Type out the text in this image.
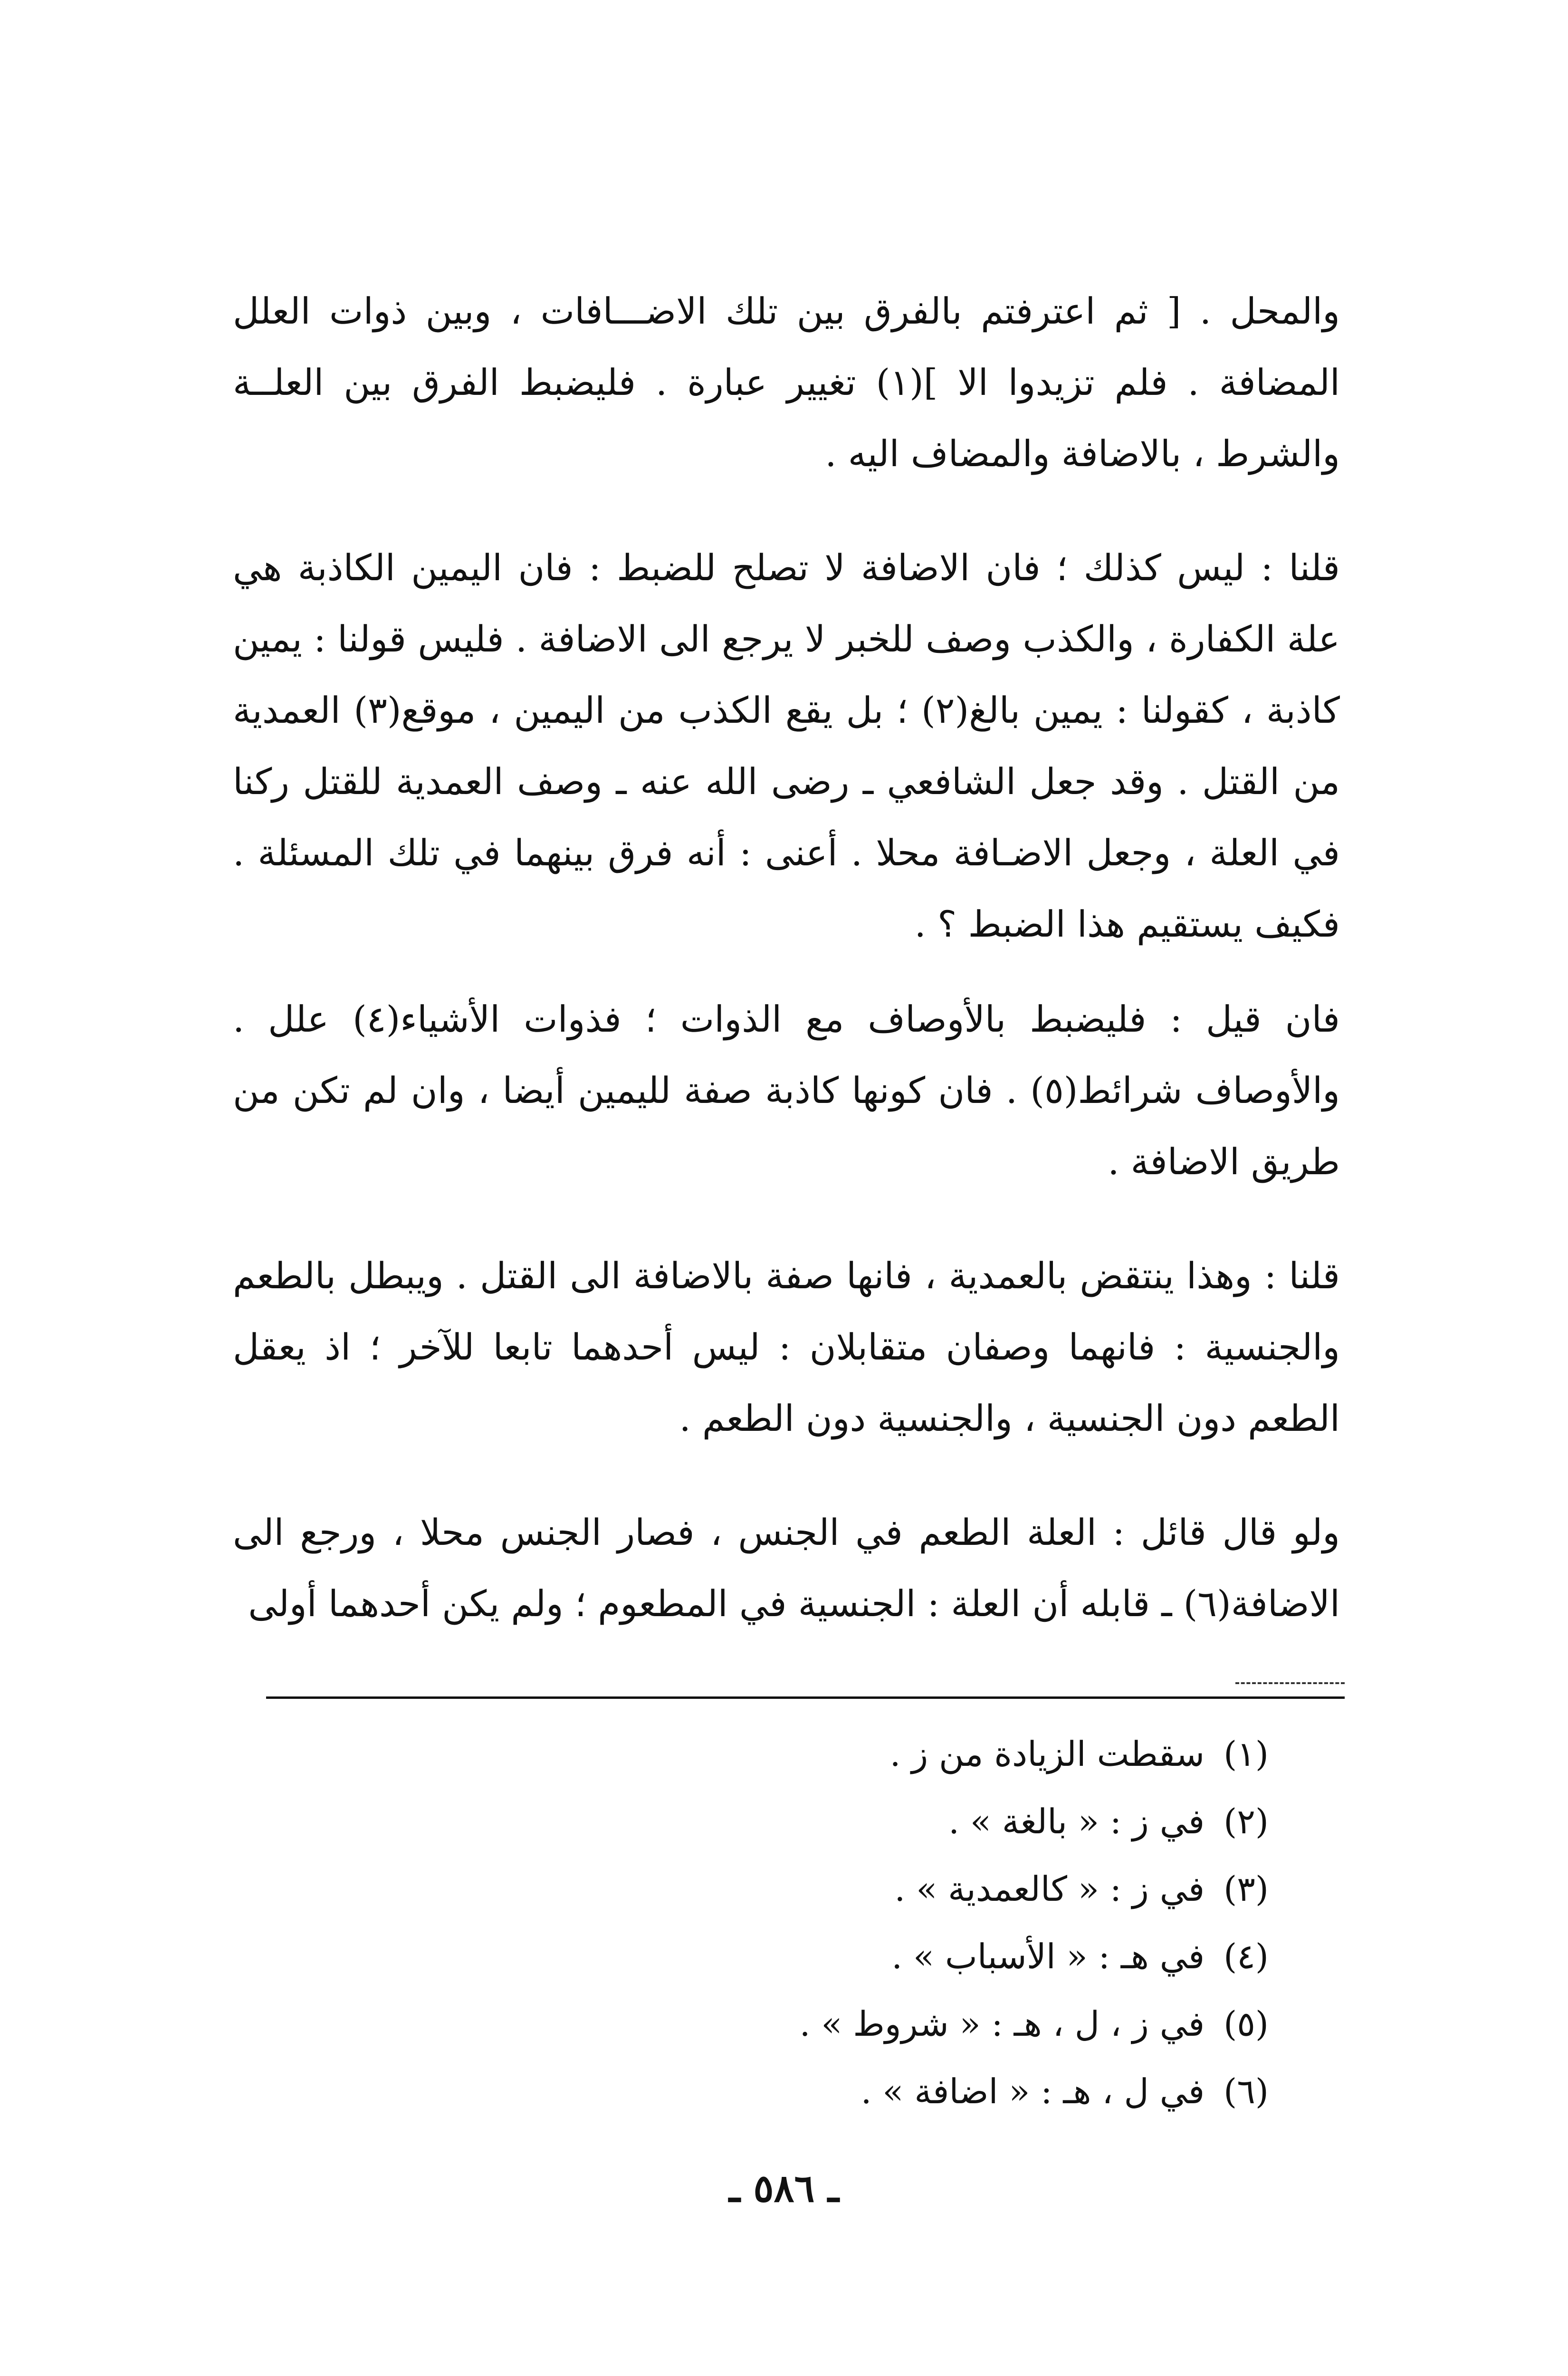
والمحل . [ ثم اعترفتم بالفرق بين تلك الاضـــافات ، وبين ذوات العلل المضافة . فلم تزيدوا الا ](١) تغيير عبارة . فليضبط الفرق بين العلــة والشرط ، بالاضافة والمضاف اليه .

قلنا : ليس كذلك ؛ فان الاضافة لا تصلح للضبط : فان اليمين الكاذبة هي علة الكفارة ، والكذب وصف للخبر لا يرجع الى الاضافة . فليس قولنا : يمين كاذبة ، كقولنا : يمين بالغ(٢) ؛ بل يقع الكذب من اليمين ، موقع(٣) العمدية من القتل . وقد جعل الشافعي ـ رضى الله عنه ـ وصف العمدية للقتل ركنا في العلة ، وجعل الاضـافة محلا . أعنى : أنه فرق بينهما في تلك المسئلة . فكيف يستقيم هذا الضبط ؟ .

فان قيل : فليضبط بالأوصاف مع الذوات ؛ فذوات الأشياء(٤) علل . والأوصاف شرائط(٥) . فان كونها كاذبة صفة لليمين أيضا ، وان لم تكن من طريق الاضافة .

قلنا : وهذا ينتقض بالعمدية ، فانها صفة بالاضافة الى القتل . ويبطل بالطعم والجنسية : فانهما وصفان متقابلان : ليس أحدهما تابعا للآخر ؛ اذ يعقل الطعم دون الجنسية ، والجنسية دون الطعم .

ولو قال قائل : العلة الطعم في الجنس ، فصار الجنس محلا ، ورجع الى الاضافة(٦) ـ قابله أن العلة : الجنسية في المطعوم ؛ ولم يكن أحدهما أولى

(١)سقطت الزيادة من ز .
(٢)في ز : « بالغة » .
(٣)في ز : « كالعمدية » .
(٤)في هـ : « الأسباب » .
(٥)في ز ، ل ، هـ : « شروط » .
(٦)في ل ، هـ : « اضافة » .
ـ ٥٨٦ ـ
